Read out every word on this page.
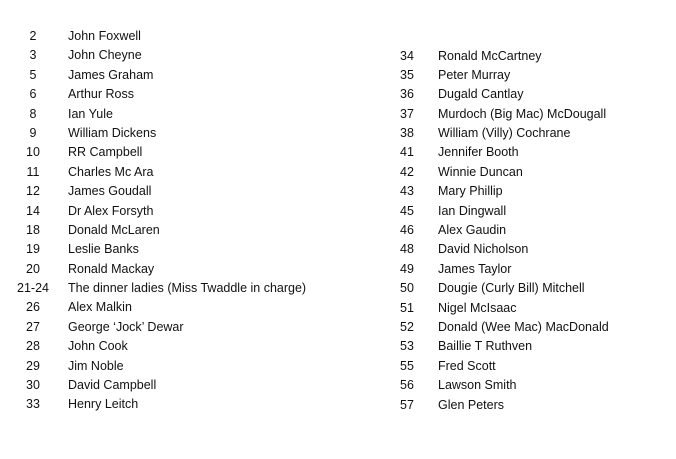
2	John Foxwell
3	John Cheyne
5	James Graham
6	Arthur Ross
8	Ian Yule
9	William Dickens
10	RR Campbell
11	Charles Mc Ara
12	James Goudall
14	Dr Alex Forsyth
18	Donald McLaren
19	Leslie Banks
20	Ronald Mackay
21-24 The dinner ladies (Miss Twaddle in charge)
26	Alex Malkin
27	George ‘Jock’ Dewar
28	John Cook
29	Jim Noble
30	David Campbell
33	Henry Leitch
34	Ronald McCartney
35	Peter Murray
36	Dugald Cantlay
37	Murdoch (Big Mac) McDougall
38	William (Villy) Cochrane
41	Jennifer Booth
42	Winnie Duncan
43	Mary Phillip
45	Ian Dingwall
46	Alex Gaudin
48	David Nicholson
49	James Taylor
50	Dougie (Curly Bill) Mitchell
51	Nigel McIsaac
52	Donald (Wee Mac) MacDonald
53	Baillie T Ruthven
55	Fred Scott
56	Lawson Smith
57	Glen Peters
